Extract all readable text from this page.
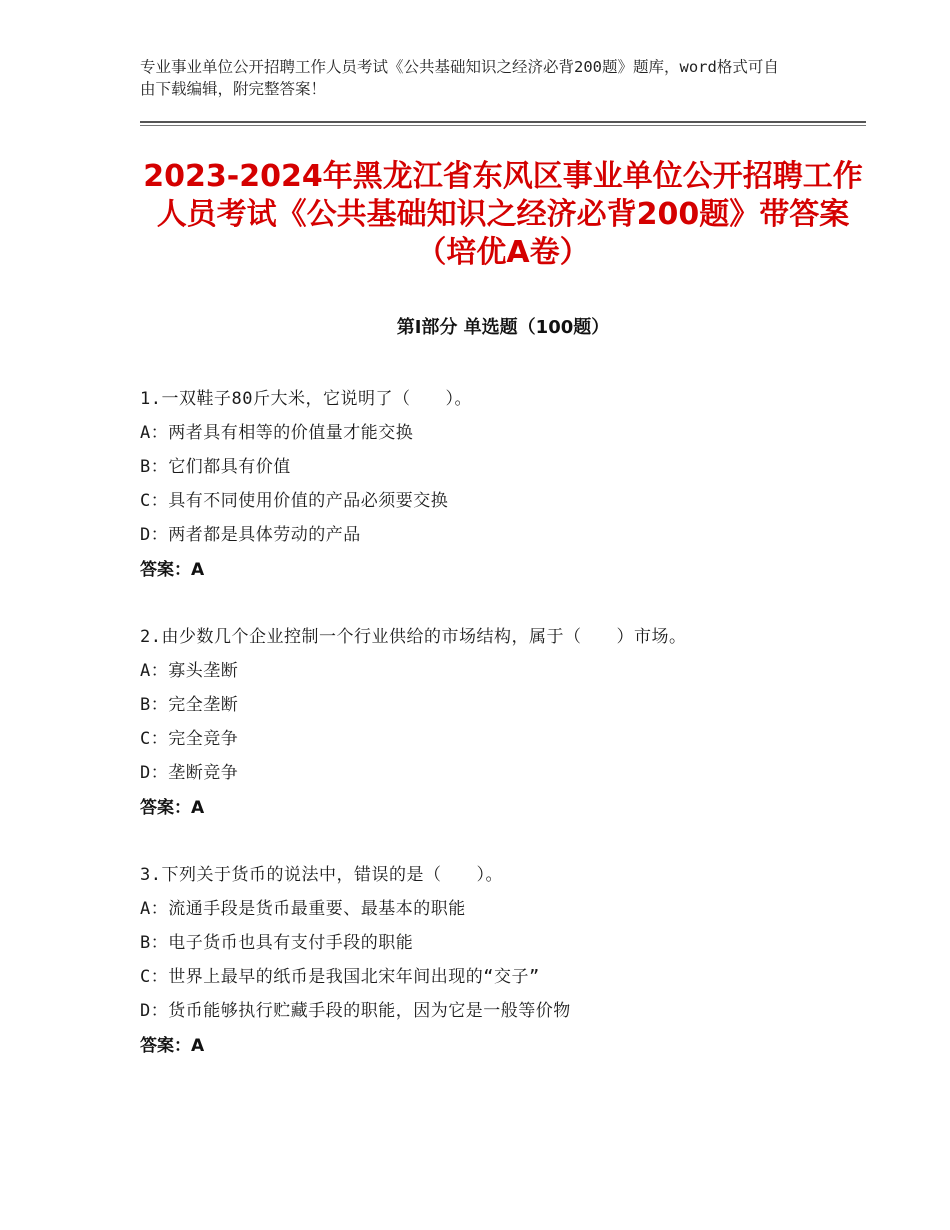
专业事业单位公开招聘工作人员考试《公共基础知识之经济必背200题》题库，word格式可自由下载编辑，附完整答案！
2023-2024年黑龙江省东风区事业单位公开招聘工作人员考试《公共基础知识之经济必背200题》带答案（培优A卷）
第Ⅰ部分 单选题（100题）
1.一双鞋子80斤大米，它说明了（　　）。
A：两者具有相等的价值量才能交换
B：它们都具有价值
C：具有不同使用价值的产品必须要交换
D：两者都是具体劳动的产品
答案：A
2.由少数几个企业控制一个行业供给的市场结构，属于（　　）市场。
A：寡头垄断
B：完全垄断
C：完全竞争
D：垄断竞争
答案：A
3.下列关于货币的说法中，错误的是（　　）。
A：流通手段是货币最重要、最基本的职能
B：电子货币也具有支付手段的职能
C：世界上最早的纸币是我国北宋年间出现的“交子”
D：货币能够执行贮藏手段的职能，因为它是一般等价物
答案：A
